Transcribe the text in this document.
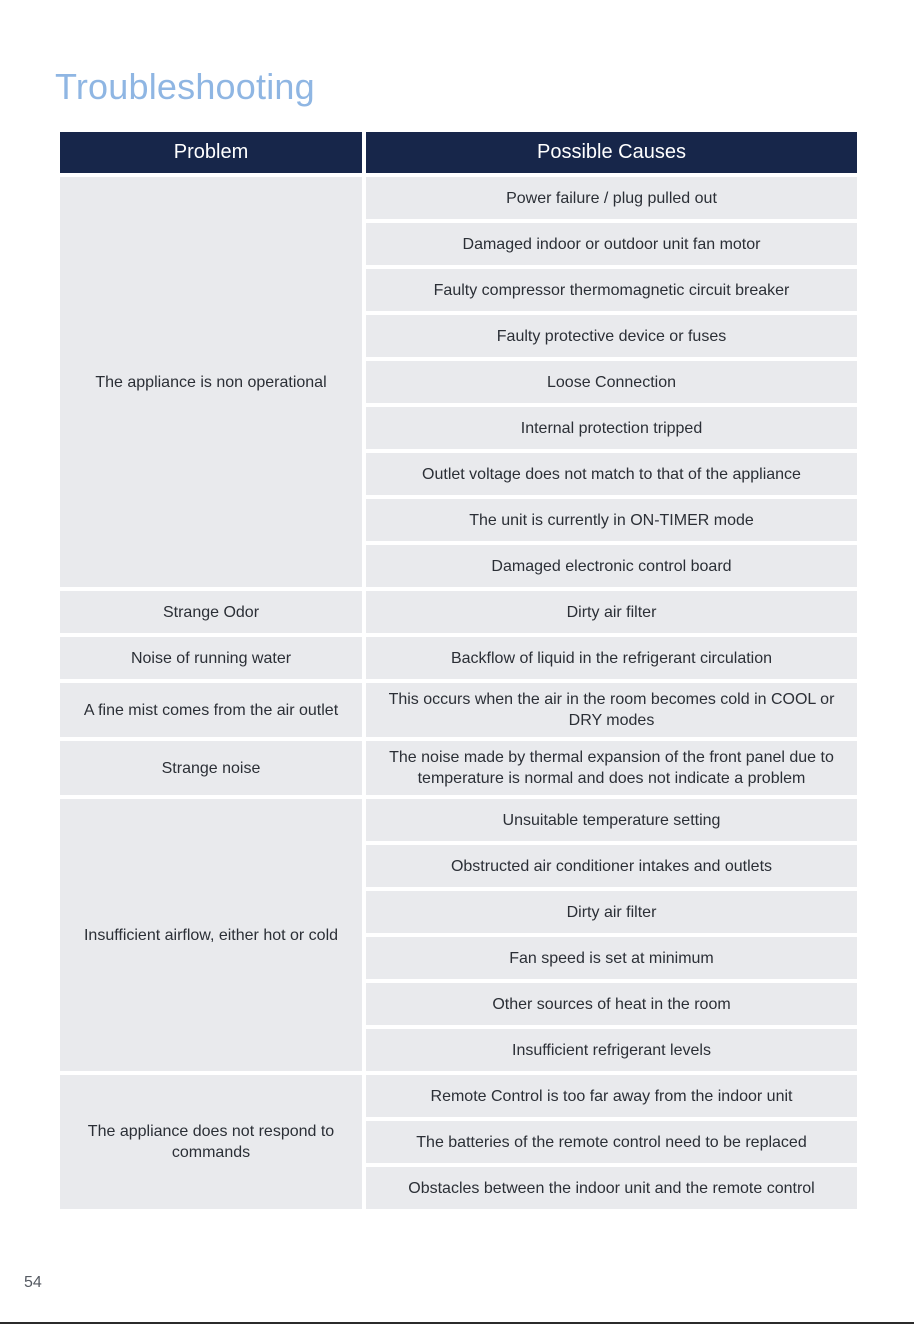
Troubleshooting
Problem	Possible Causes
The appliance is non operational	Power failure / plug pulled out
	Damaged indoor or outdoor unit fan motor
	Faulty compressor thermomagnetic circuit breaker
	Faulty protective device or fuses
	Loose Connection
	Internal protection tripped
	Outlet voltage does not match to that of the appliance
	The unit is currently in ON-TIMER mode
	Damaged electronic control board
Strange Odor	Dirty air filter
Noise of running water	Backflow of liquid in the refrigerant circulation
A fine mist comes from the air outlet	This occurs when the air in the room becomes cold in COOL or DRY modes
Strange noise	The noise made by thermal expansion of the front panel due to temperature is normal and does not indicate a problem
Insufficient airflow, either hot or cold	Unsuitable temperature setting
	Obstructed air conditioner intakes and outlets
	Dirty air filter
	Fan speed is set at minimum
	Other sources of heat in the room
	Insufficient refrigerant levels
The appliance does not respond to commands	Remote Control is too far away from the indoor unit
	The batteries of the remote control need to be replaced
	Obstacles between the indoor unit and the remote control
54
